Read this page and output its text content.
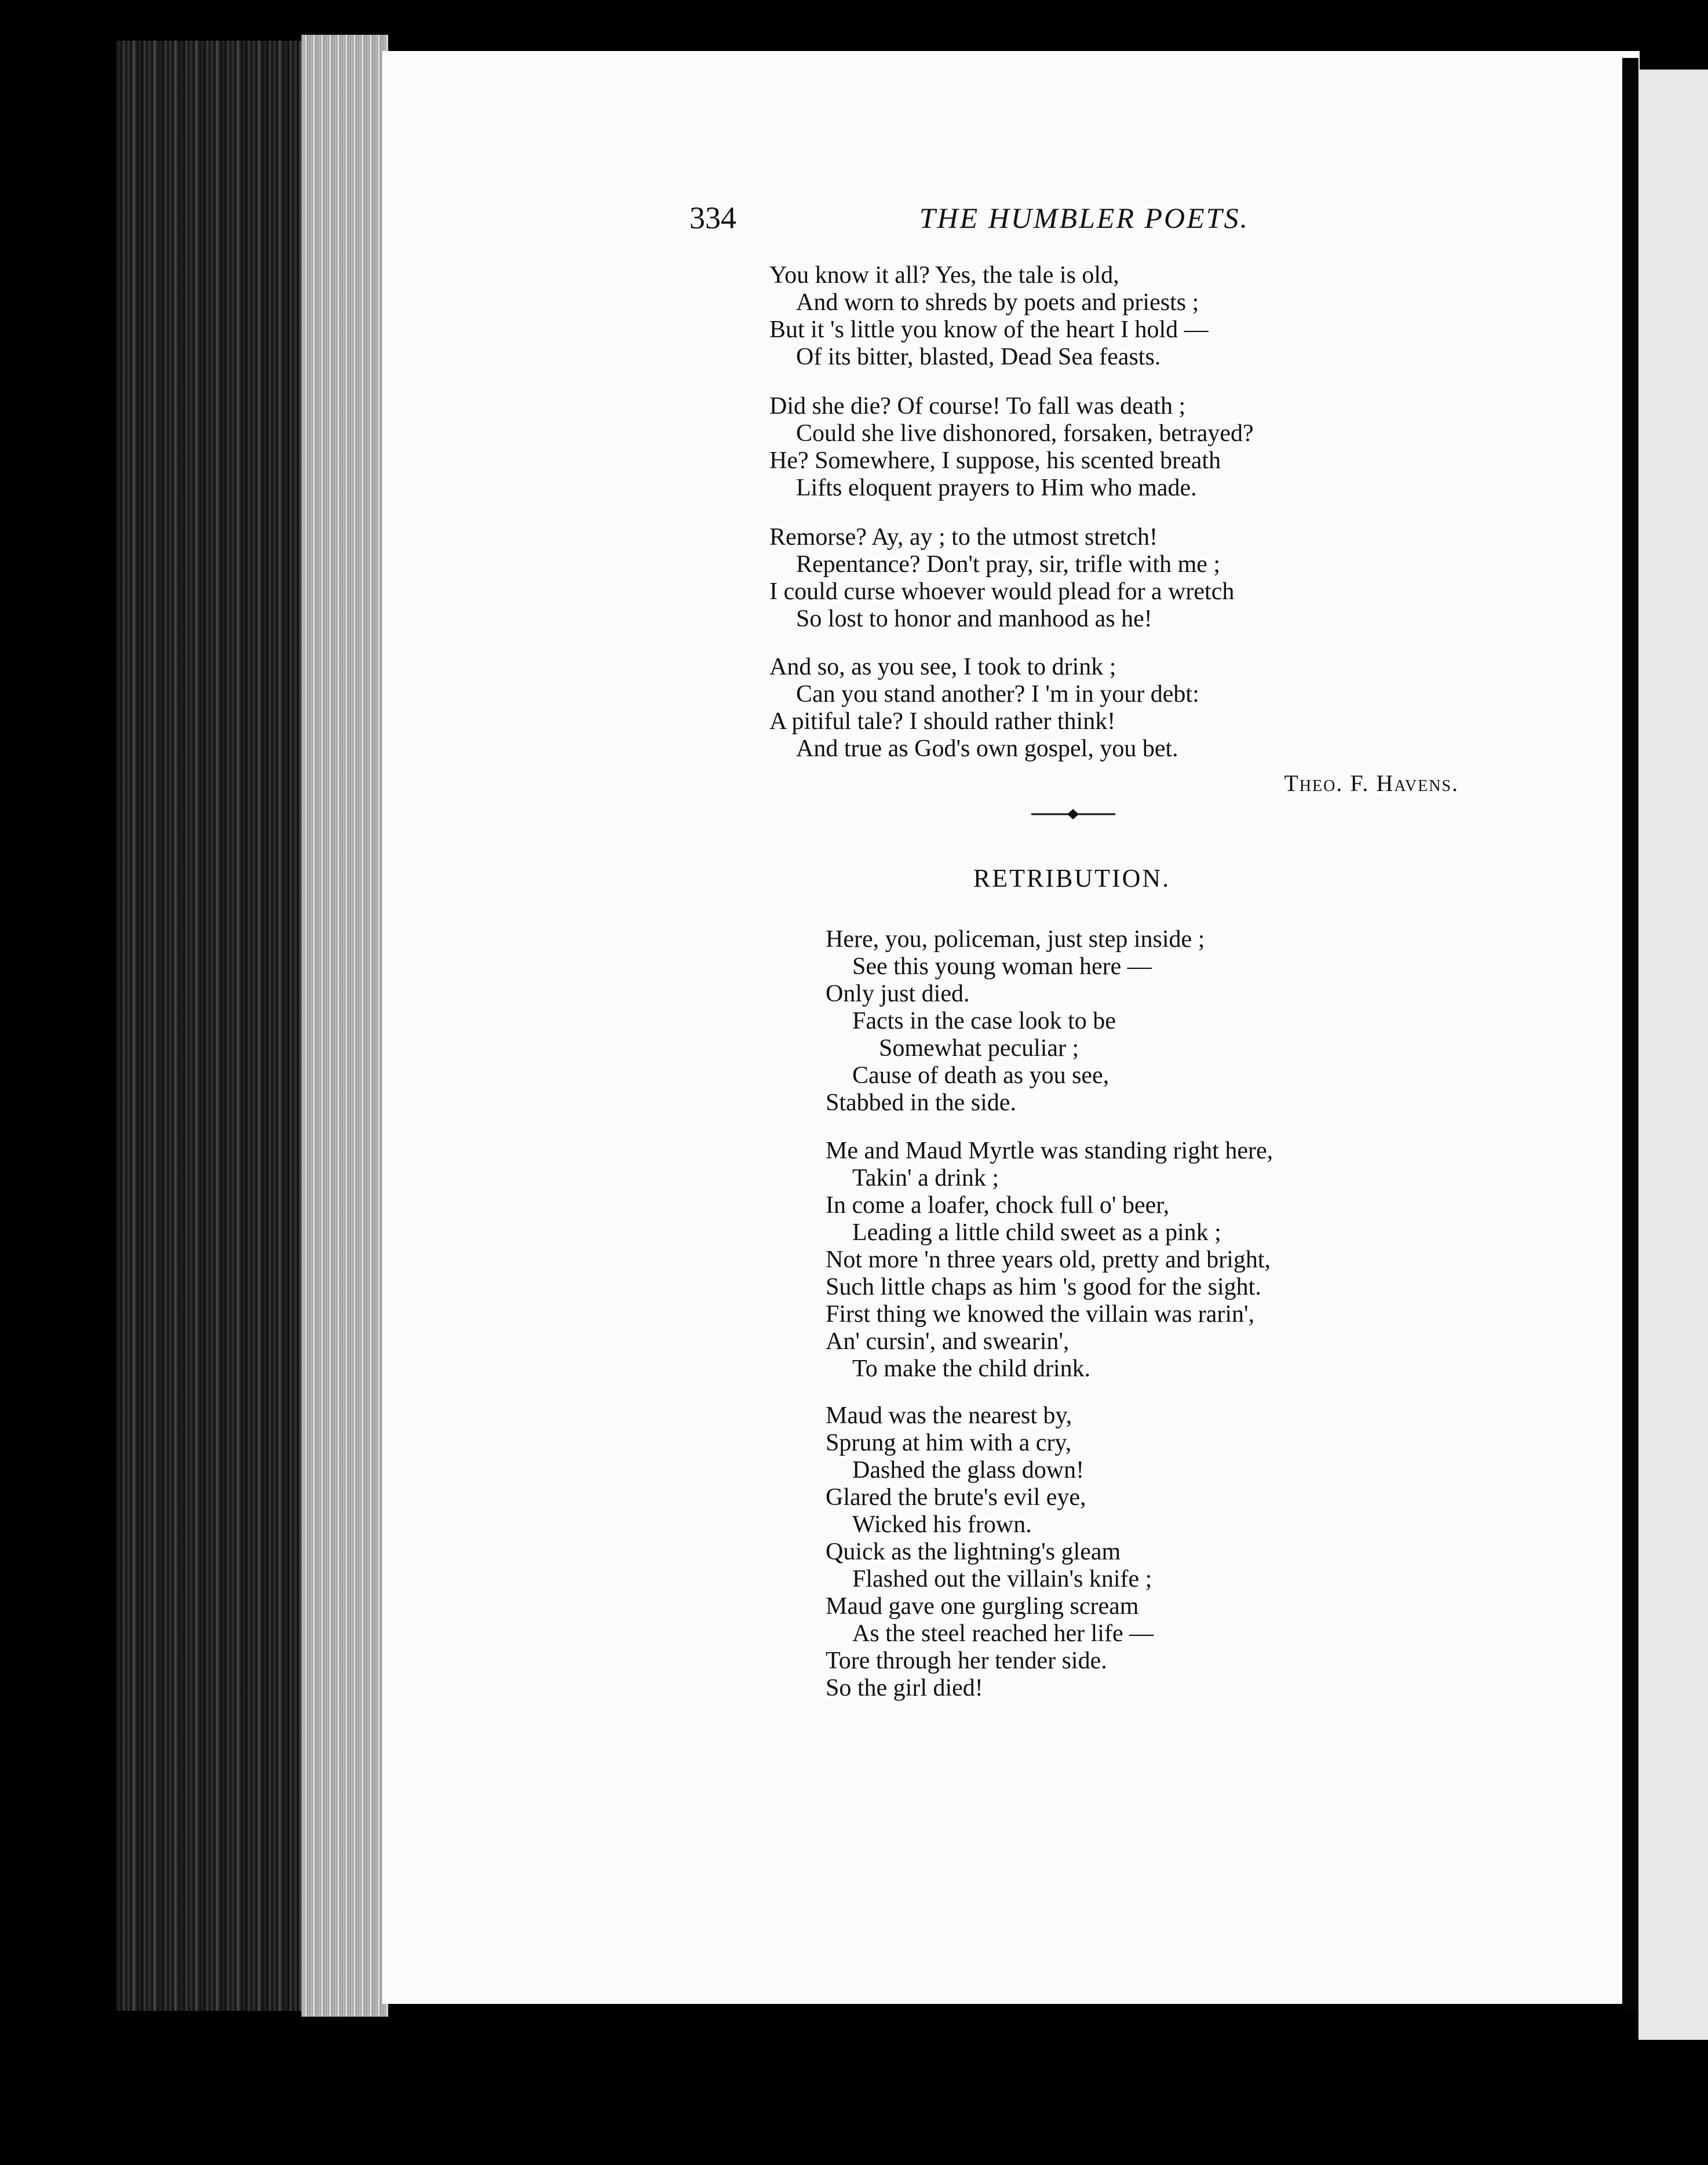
334	THE HUMBLER POETS.
You know it all? Yes, the tale is old,
And worn to shreds by poets and priests ;
But it 's little you know of the heart I hold —
Of its bitter, blasted, Dead Sea feasts.
Did she die? Of course! To fall was death ;
Could she live dishonored, forsaken, betrayed?
He? Somewhere, I suppose, his scented breath
Lifts eloquent prayers to Him who made.
Remorse? Ay, ay ; to the utmost stretch!
Repentance? Don't pray, sir, trifle with me ;
I could curse whoever would plead for a wretch
So lost to honor and manhood as he!
And so, as you see, I took to drink ;
Can you stand another? I 'm in your debt:
A pitiful tale? I should rather think!
And true as God's own gospel, you bet.
Theo. F. Havens.
RETRIBUTION.
Here, you, policeman, just step inside ;
See this young woman here —
Only just died.
Facts in the case look to be
Somewhat peculiar ;
Cause of death as you see,
Stabbed in the side.
Me and Maud Myrtle was standing right here,
Takin' a drink ;
In come a loafer, chock full o' beer,
Leading a little child sweet as a pink ;
Not more 'n three years old, pretty and bright,
Such little chaps as him 's good for the sight.
First thing we knowed the villain was rarin',
An' cursin', and swearin',
To make the child drink.
Maud was the nearest by,
Sprung at him with a cry,
Dashed the glass down!
Glared the brute's evil eye,
Wicked his frown.
Quick as the lightning's gleam
Flashed out the villain's knife ;
Maud gave one gurgling scream
As the steel reached her life —
Tore through her tender side.
So the girl died!
